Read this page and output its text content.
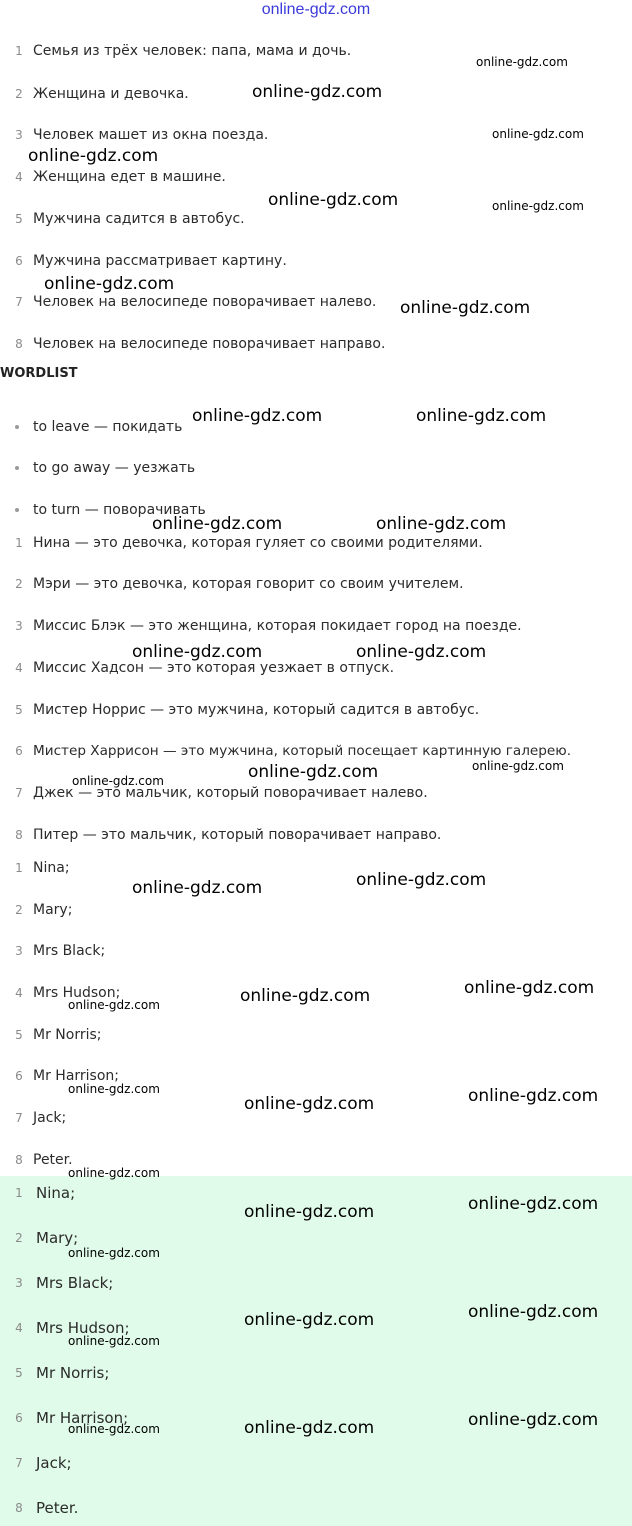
online-gdz.com
1 Семья из трёх человек: папа, мама и дочь.
2 Женщина и девочка.
3 Человек машет из окна поезда.
4 Женщина едет в машине.
5 Мужчина садится в автобус.
6 Мужчина рассматривает картину.
7 Человек на велосипеде поворачивает налево.
8 Человек на велосипеде поворачивает направо.
WORDLIST
to leave — покидать
to go away — уезжать
to turn — поворачивать
1 Нина — это девочка, которая гуляет со своими родителями.
2 Мэри — это девочка, которая говорит со своим учителем.
3 Миссис Блэк — это женщина, которая покидает город на поезде.
4 Миссис Хадсон — это которая уезжает в отпуск.
5 Мистер Норрис — это мужчина, который садится в автобус.
6 Мистер Харрисон — это мужчина, который посещает картинную галерею.
7 Джек — это мальчик, который поворачивает налево.
8 Питер — это мальчик, который поворачивает направо.
1 Nina;
2 Mary;
3 Mrs Black;
4 Mrs Hudson;
5 Mr Norris;
6 Mr Harrison;
7 Jack;
8 Peter.
1 Nina;
2 Mary;
3 Mrs Black;
4 Mrs Hudson;
5 Mr Norris;
6 Mr Harrison;
7 Jack;
8 Peter.
online-gdz.com
online-gdz.com
online-gdz.com
online-gdz.com
online-gdz.com	online-gdz.com
online-gdz.com
online-gdz.com
online-gdz.com	online-gdz.com
online-gdz.com	online-gdz.com
online-gdz.com	online-gdz.com
online-gdz.com
online-gdz.com
online-gdz.com
online-gdz.com
online-gdz.com
online-gdz.com
online-gdz.com
online-gdz.com
online-gdz.com	online-gdz.com
online-gdz.com
online-gdz.com
online-gdz.com
online-gdz.com
online-gdz.com
online-gdz.com
online-gdz.com
online-gdz.com
online-gdz.com
online-gdz.com
online-gdz.com
